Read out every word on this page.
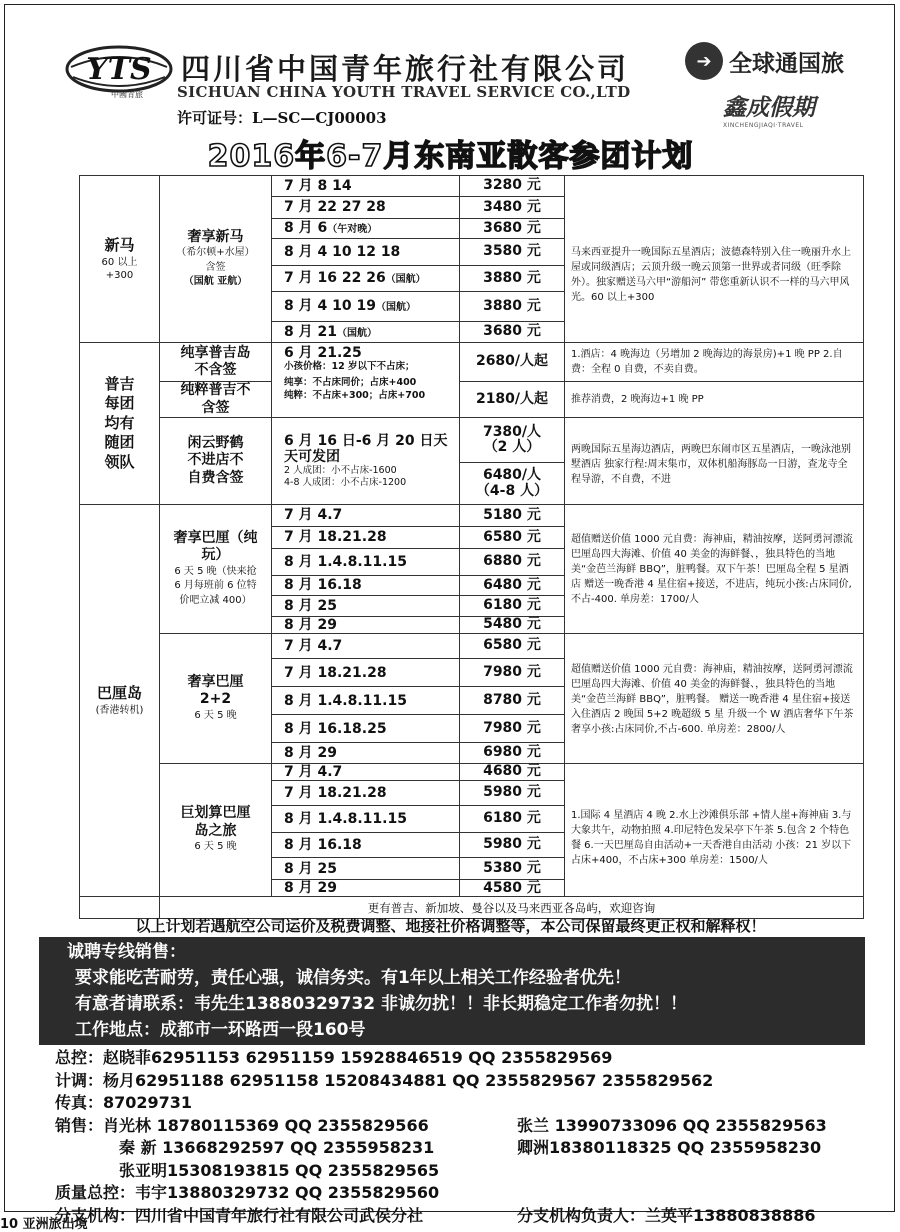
YTS
中國青旅
四川省中国青年旅行社有限公司
SICHUAN CHINA YOUTH TRAVEL SERVICE CO.,LTD
许可证号：L—SC—CJ00003
➔ 全球通国旅
鑫成假期
XINCHENGJIAQI·TRAVEL
2016年6-7月东南亚散客参团计划
新马
60 以上
+300	奢享新马
（希尔顿+水屋）
含签
（国航 亚航）	7 月 8 14	3280 元	马来西亚提升一晚国际五星酒店；波德森特别入住一晚丽升水上屋或同级酒店；云顶升级一晚云顶第一世界或者同级（旺季除外）。独家赠送马六甲“游船河” 带您重新认识不一样的马六甲风光。60 以上+300
		7 月 22 27 28	3480 元	
		8 月 6（午对晚）	3680 元	
		8 月 4 10 12 18	3580 元	
		7 月 16 22 26（国航）	3880 元	
		8 月 4 10 19（国航）	3880 元	
		8 月 21（国航）	3680 元	
普吉每团均有随团领队	纯享普吉岛不含签	6 月 21.25
小孩价格：12 岁以下不占床；
纯享：不占床同价；占床+400
纯粹：不占床+300；占床+700	2680/人起	1.酒店：4 晚海边（另增加 2 晚海边的海景房)+1 晚 PP 2.自费：全程 0 自费，不卖自费。
	纯粹普吉不含签		2180/人起	推荐消费，2 晚海边+1 晚 PP
	闲云野鹤不进店不自费含签	6 月 16 日-6 月 20 日天天可发团
2 人成团：小不占床-1600
4-8 人成团：小不占床-1200	7380/人（2 人）	两晚国际五星海边酒店，两晚巴东闹市区五星酒店，一晚泳池别墅酒店 独家行程:周末集市，双体机船海豚岛一日游，查龙寺全程导游，不自费，不进
			6480/人（4-8 人）	
巴厘岛
(香港转机)	奢享巴厘（纯玩）
6 天 5 晚（快来抢 6 月每班前 6 位特价吧立减 400）	7 月 4.7	5180 元	超值赠送价值 1000 元自费：海神庙，精油按摩，送阿勇河漂流 巴厘岛四大海滩、价值 40 美金的海鲜餐、，独具特色的当地美“金芭兰海鲜 BBQ”，脏鸭餐。双下午茶！巴厘岛全程 5 星酒店 赠送一晚香港 4 星住宿+接送，不进店，纯玩小孩:占床同价,不占-400. 单房差：1700/人
		7 月 18.21.28	6580 元	
		8 月 1.4.8.11.15	6880 元	
		8 月 16.18	6480 元	
		8 月 25	6180 元	
		8 月 29	5480 元	
	奢享巴厘 2+2
6 天 5 晚	7 月 4.7	6580 元	超值赠送价值 1000 元自费：海神庙，精油按摩，送阿勇河漂流 巴厘岛四大海滩、价值 40 美金的海鲜餐、，独具特色的当地美“金芭兰海鲜 BBQ”，脏鸭餐。 赠送一晚香港 4 星住宿+接送 入住酒店 2 晚国 5+2 晚超级 5 星 升级一个 W 酒店奢华下午茶 奢享小孩:占床同价,不占-600. 单房差：2800/人
		7 月 18.21.28	7980 元	
		8 月 1.4.8.11.15	8780 元	
		8 月 16.18.25	7980 元	
		8 月 29	6980 元	
	巨划算巴厘岛之旅
6 天 5 晚	7 月 4.7	4680 元	1.国际 4 星酒店 4 晚 2.水上沙滩俱乐部 +情人崖+海神庙 3.与大象共午，动物拍照 4.印尼特色发呆亭下午茶 5.包含 2 个特色餐 6.一天巴厘岛自由活动+一天香港自由活动 小孩：21 岁以下占床+400，不占床+300 单房差：1500/人
		7 月 18.21.28	5980 元	
		8 月 1.4.8.11.15	6180 元	
		8 月 16.18	5980 元	
		8 月 25	5380 元	
		8 月 29	4580 元	
	更有普吉、新加坡、曼谷以及马来西亚各岛屿，欢迎咨询			
以上计划若遇航空公司运价及税费调整、地接社价格调整等，本公司保留最终更正权和解释权！
诚聘专线销售：
要求能吃苦耐劳，责任心强，诚信务实。有1年以上相关工作经验者优先！
有意者请联系：韦先生13880329732 非诚勿扰！！非长期稳定工作者勿扰！！
工作地点：成都市一环路西一段160号
总控：赵晓菲62951153 62951159 15928846519 QQ 2355829569
计调：杨月62951188 62951158 15208434881 QQ 2355829567 2355829562
传真：87029731
销售：肖光林 18780115369 QQ 2355829566	张兰 13990733096 QQ 2355829563
秦 新 13668292597 QQ 2355958231	卿洲18380118325 QQ 2355958230
张亚明15308193815 QQ 2355829565
质量总控：韦宇13880329732 QQ 2355829560
分支机构：四川省中国青年旅行社有限公司武侯分社	分支机构负责人：兰英平13880838886
10 亚洲旅出境
